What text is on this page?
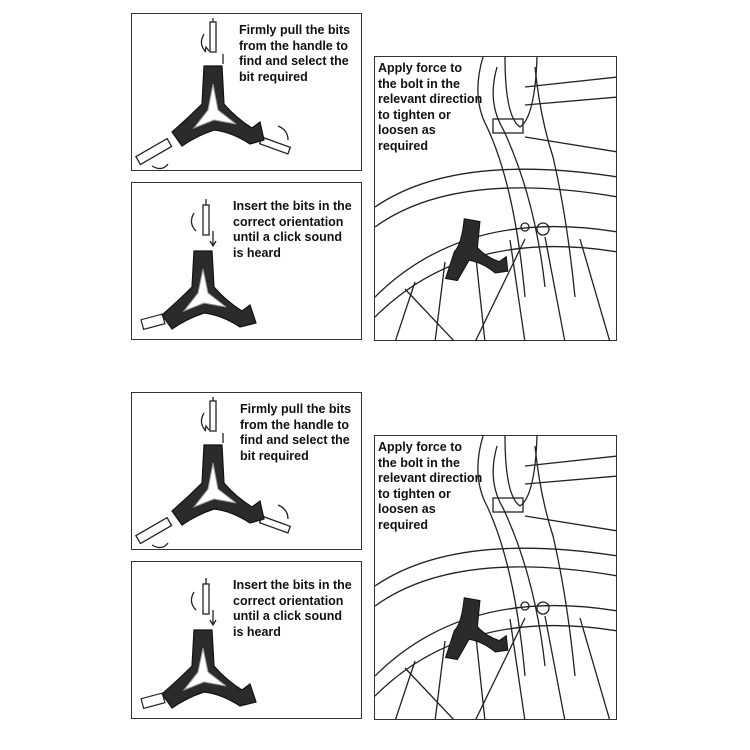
Firmly pull the bits
from the handle to
find and select the
bit required
Insert the bits in the
correct orientation
until a click sound
is heard
Apply force to
the bolt in the
relevant direction
to tighten or
loosen as
required
Firmly pull the bits
from the handle to
find and select the
bit required
Insert the bits in the
correct orientation
until a click sound
is heard
Apply force to
the bolt in the
relevant direction
to tighten or
loosen as
required
